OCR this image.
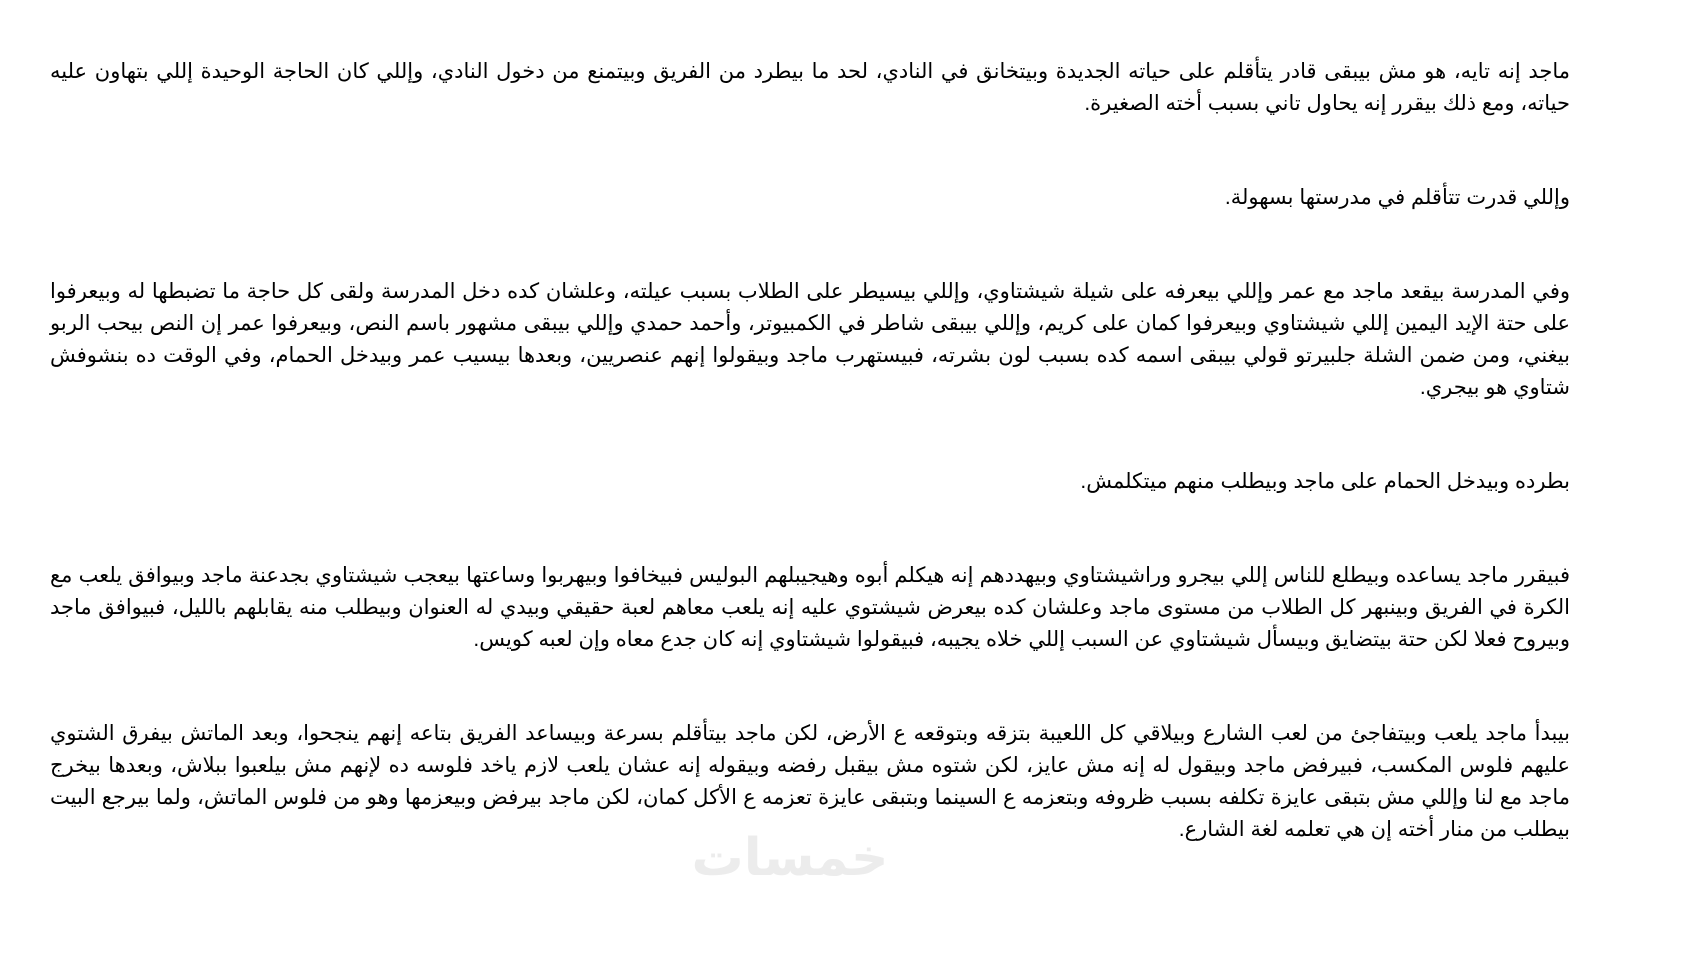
ماجد إنه تايه، هو مش بيبقى قادر يتأقلم على حياته الجديدة وبيتخانق في النادي، لحد ما بيطرد من الفريق وبيتمنع من دخول النادي، وإللي كان الحاجة الوحيدة إللي بتهاون عليه حياته، ومع ذلك بيقرر إنه يحاول تاني بسبب أخته الصغيرة.

وإللي قدرت تتأقلم في مدرستها بسهولة.

وفي المدرسة بيقعد ماجد مع عمر وإللي بيعرفه على شيلة شيشتاوي، وإللي بيسيطر على الطلاب بسبب عيلته، وعلشان كده دخل المدرسة ولقى كل حاجة ما تضبطها له وبيعرفوا على حتة الإيد اليمين إللي شيشتاوي وبيعرفوا كمان على كريم، وإللي بيبقى شاطر في الكمبيوتر، وأحمد حمدي وإللي بيبقى مشهور باسم النص، وبيعرفوا عمر إن النص بيحب الربو بيغني، ومن ضمن الشلة جلبيرتو قولي بيبقى اسمه كده بسبب لون بشرته، فبيستهرب ماجد وبيقولوا إنهم عنصريين، وبعدها بيسيب عمر وبيدخل الحمام، وفي الوقت ده بنشوفش شتاوي هو بيجري.

بطرده وبيدخل الحمام على ماجد وبيطلب منهم ميتكلمش.

فبيقرر ماجد يساعده وبيطلع للناس إللي بيجرو وراشيشتاوي وبيهددهم إنه هيكلم أبوه وهيجيبلهم البوليس فبيخافوا وبيهربوا وساعتها بيعجب شيشتاوي بجدعنة ماجد وبيوافق يلعب مع الكرة في الفريق وبينبهر كل الطلاب من مستوى ماجد وعلشان كده بيعرض شيشتوي عليه إنه يلعب معاهم لعبة حقيقي وبيدي له العنوان وبيطلب منه يقابلهم بالليل، فبيوافق ماجد وبيروح فعلا لكن حتة بيتضايق وبيسأل شيشتاوي عن السبب إللي خلاه يجيبه، فبيقولوا شيشتاوي إنه كان جدع معاه وإن لعبه كويس.

بيبدأ ماجد يلعب وبيتفاجئ من لعب الشارع وبيلاقي كل اللعيبة بتزقه وبتوقعه ع الأرض، لكن ماجد بيتأقلم بسرعة وبيساعد الفريق بتاعه إنهم ينجحوا، وبعد الماتش بيفرق الشتوي عليهم فلوس المكسب، فبيرفض ماجد وبيقول له إنه مش عايز، لكن شتوه مش بيقبل رفضه وبيقوله إنه عشان يلعب لازم ياخد فلوسه ده لإنهم مش بيلعبوا ببلاش، وبعدها بيخرج ماجد مع لنا وإللي مش بتبقى عايزة تكلفه بسبب ظروفه وبتعزمه ع السينما وبتبقى عايزة تعزمه ع الأكل كمان، لكن ماجد بيرفض وبيعزمها وهو من فلوس الماتش، ولما بيرجع البيت بيطلب من منار أخته إن هي تعلمه لغة الشارع.

خمسات
